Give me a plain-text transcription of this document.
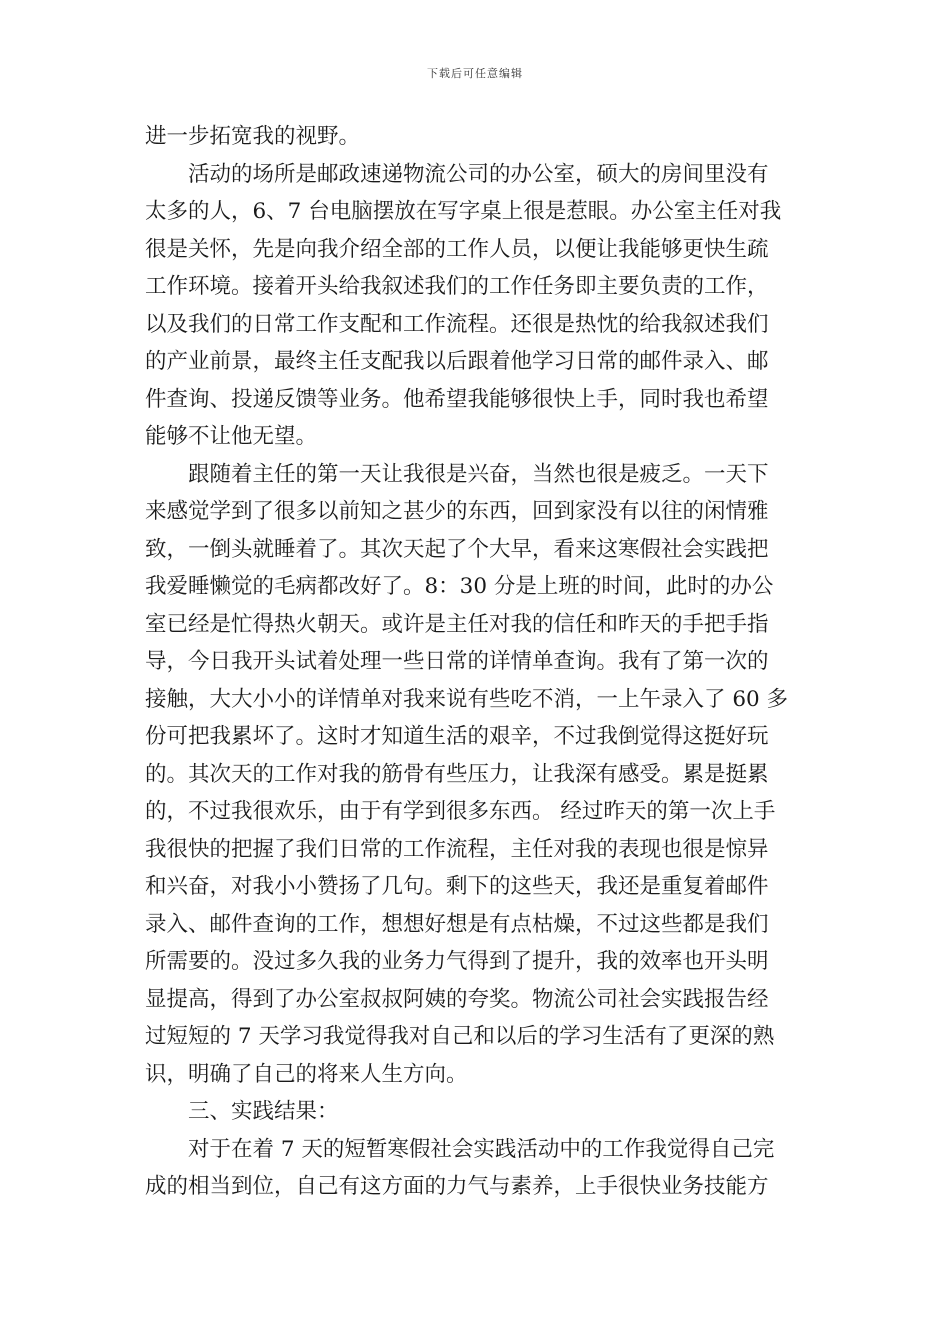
下载后可任意编辑
进一步拓宽我的视野。
活动的场所是邮政速递物流公司的办公室，硕大的房间里没有
太多的人，6、7 台电脑摆放在写字桌上很是惹眼。办公室主任对我
很是关怀，先是向我介绍全部的工作人员，以便让我能够更快生疏
工作环境。接着开头给我叙述我们的工作任务即主要负责的工作，
以及我们的日常工作支配和工作流程。还很是热忱的给我叙述我们
的产业前景，最终主任支配我以后跟着他学习日常的邮件录入、邮
件查询、投递反馈等业务。他希望我能够很快上手，同时我也希望
能够不让他无望。
跟随着主任的第一天让我很是兴奋，当然也很是疲乏。一天下
来感觉学到了很多以前知之甚少的东西，回到家没有以往的闲情雅
致，一倒头就睡着了。其次天起了个大早，看来这寒假社会实践把
我爱睡懒觉的毛病都改好了。8：30 分是上班的时间，此时的办公
室已经是忙得热火朝天。或许是主任对我的信任和昨天的手把手指
导，今日我开头试着处理一些日常的详情单查询。我有了第一次的
接触，大大小小的详情单对我来说有些吃不消，一上午录入了 60 多
份可把我累坏了。这时才知道生活的艰辛，不过我倒觉得这挺好玩
的。其次天的工作对我的筋骨有些压力，让我深有感受。累是挺累
的，不过我很欢乐，由于有学到很多东西。 经过昨天的第一次上手
我很快的把握了我们日常的工作流程，主任对我的表现也很是惊异
和兴奋，对我小小赞扬了几句。剩下的这些天，我还是重复着邮件
录入、邮件查询的工作，想想好想是有点枯燥，不过这些都是我们
所需要的。没过多久我的业务力气得到了提升，我的效率也开头明
显提高，得到了办公室叔叔阿姨的夸奖。物流公司社会实践报告经
过短短的 7 天学习我觉得我对自己和以后的学习生活有了更深的熟
识，明确了自己的将来人生方向。
三、实践结果：
对于在着 7 天的短暂寒假社会实践活动中的工作我觉得自己完
成的相当到位，自己有这方面的力气与素养，上手很快业务技能方
